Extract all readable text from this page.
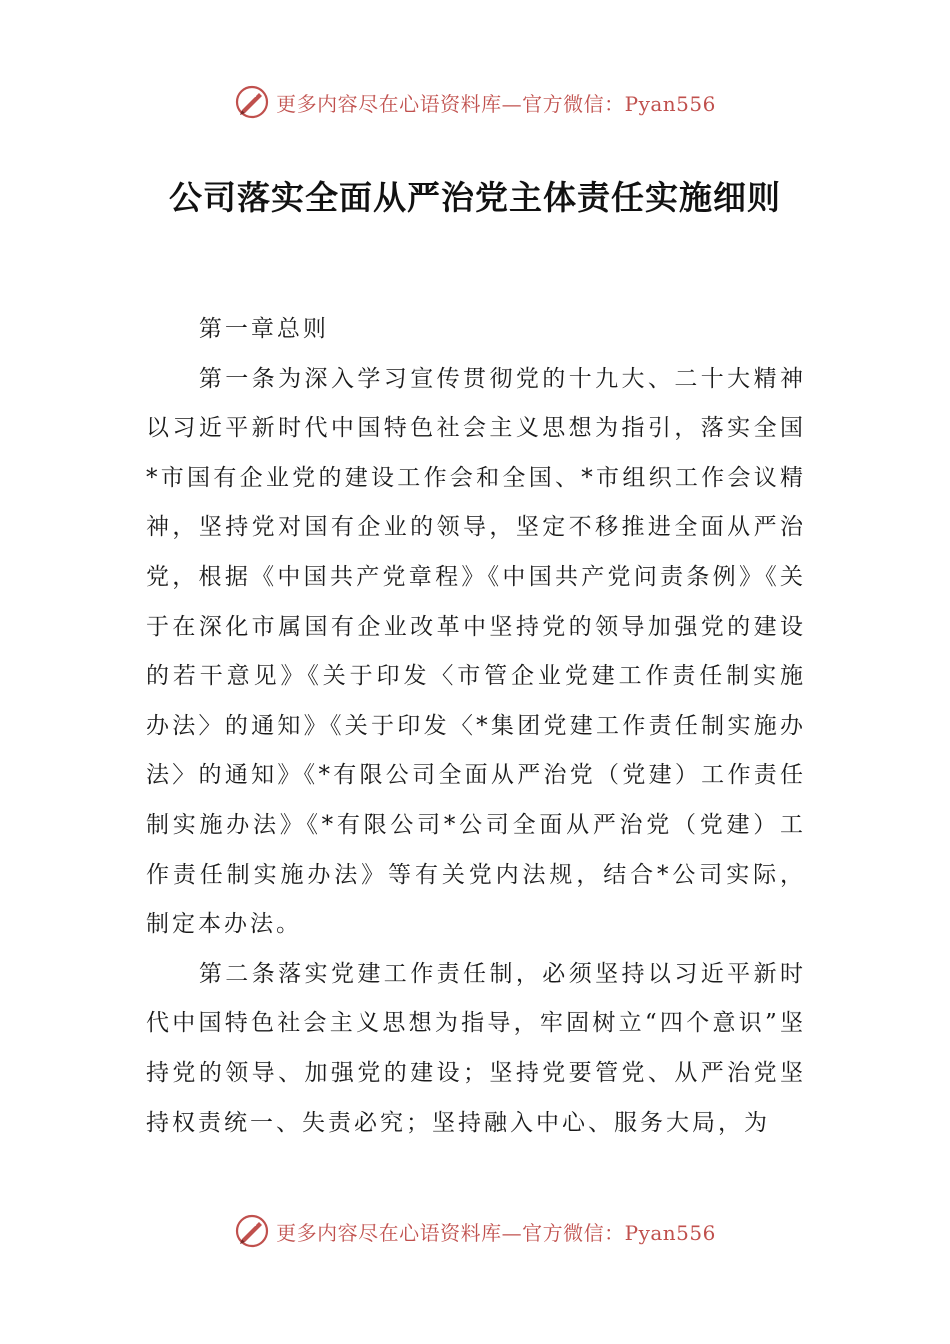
更多内容尽在心语资料库—官方微信：Pyan556
公司落实全面从严治党主体责任实施细则

第一章总则

第一条为深入学习宣传贯彻党的十九大、二十大精神以习近平新时代中国特色社会主义思想为指引，落实全国*市国有企业党的建设工作会和全国、*市组织工作会议精神，坚持党对国有企业的领导，坚定不移推进全面从严治党，根据《中国共产党章程》《中国共产党问责条例》《关于在深化市属国有企业改革中坚持党的领导加强党的建设的若干意见》《关于印发〈市管企业党建工作责任制实施办法〉的通知》《关于印发〈*集团党建工作责任制实施办法〉的通知》《*有限公司全面从严治党（党建）工作责任制实施办法》《*有限公司*公司全面从严治党（党建）工作责任制实施办法》等有关党内法规，结合*公司实际，制定本办法。

第二条落实党建工作责任制，必须坚持以习近平新时代中国特色社会主义思想为指导，牢固树立“四个意识”坚持党的领导、加强党的建设；坚持党要管党、从严治党坚持权责统一、失责必究；坚持融入中心、服务大局，为

更多内容尽在心语资料库—官方微信：Pyan556
